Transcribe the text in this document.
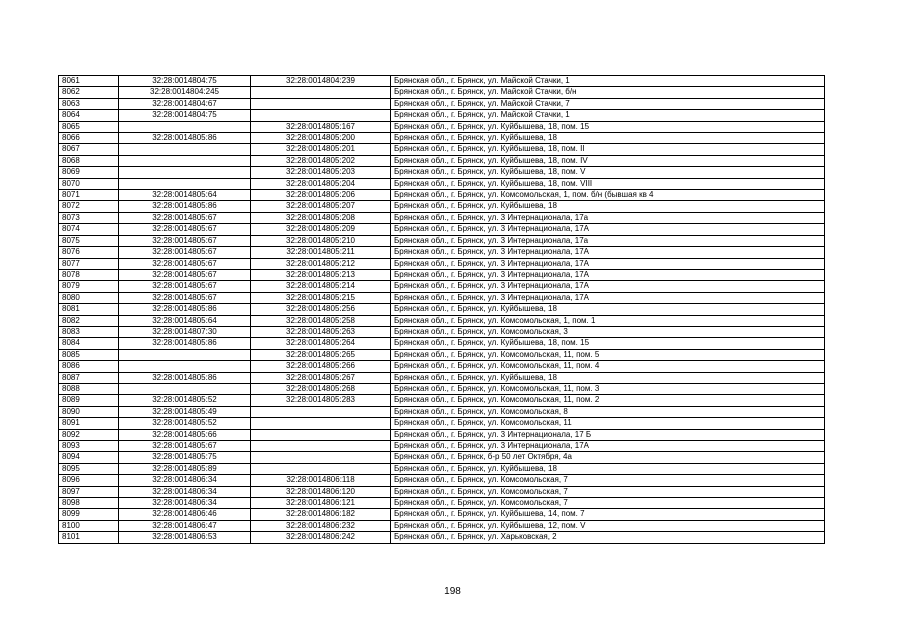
8061	32:28:0014804:75	32:28:0014804:239	Брянская обл., г. Брянск, ул. Майской Стачки, 1
8062	32:28:0014804:245		Брянская обл., г. Брянск, ул. Майской Стачки, б/н
8063	32:28:0014804:67		Брянская обл., г. Брянск, ул. Майской Стачки, 7
8064	32:28:0014804:75		Брянская обл., г. Брянск, ул. Майской Стачки, 1
8065		32:28:0014805:167	Брянская обл., г. Брянск, ул. Куйбышева, 18, пом. 15
8066	32:28:0014805:86	32:28:0014805:200	Брянская обл., г. Брянск, ул. Куйбышева, 18
8067		32:28:0014805:201	Брянская обл., г. Брянск, ул. Куйбышева, 18, пом. II
8068		32:28:0014805:202	Брянская обл., г. Брянск, ул. Куйбышева, 18, пом. IV
8069		32:28:0014805:203	Брянская обл., г. Брянск, ул. Куйбышева, 18, пом. V
8070		32:28:0014805:204	Брянская обл., г. Брянск, ул. Куйбышева, 18, пом. VIII
8071	32:28:0014805:64	32:28:0014805:206	Брянская обл., г. Брянск, ул. Комсомольская, 1, пом. б/н (бывшая кв 4
8072	32:28:0014805:86	32:28:0014805:207	Брянская обл., г. Брянск, ул. Куйбышева, 18
8073	32:28:0014805:67	32:28:0014805:208	Брянская обл., г. Брянск, ул. 3 Интернационала, 17а
8074	32:28:0014805:67	32:28:0014805:209	Брянская обл., г. Брянск, ул. 3 Интернационала, 17А
8075	32:28:0014805:67	32:28:0014805:210	Брянская обл., г. Брянск, ул. 3 Интернационала, 17а
8076	32:28:0014805:67	32:28:0014805:211	Брянская обл., г. Брянск, ул. 3 Интернационала, 17А
8077	32:28:0014805:67	32:28:0014805:212	Брянская обл., г. Брянск, ул. 3 Интернационала, 17А
8078	32:28:0014805:67	32:28:0014805:213	Брянская обл., г. Брянск, ул. 3 Интернационала, 17А
8079	32:28:0014805:67	32:28:0014805:214	Брянская обл., г. Брянск, ул. 3 Интернационала, 17А
8080	32:28:0014805:67	32:28:0014805:215	Брянская обл., г. Брянск, ул. 3 Интернационала, 17А
8081	32:28:0014805:86	32:28:0014805:256	Брянская обл., г. Брянск, ул. Куйбышева, 18
8082	32:28:0014805:64	32:28:0014805:258	Брянская обл., г. Брянск, ул. Комсомольская, 1, пом. 1
8083	32:28:0014807:30	32:28:0014805:263	Брянская обл., г. Брянск, ул. Комсомольская, 3
8084	32:28:0014805:86	32:28:0014805:264	Брянская обл., г. Брянск, ул. Куйбышева, 18, пом. 15
8085		32:28:0014805:265	Брянская обл., г. Брянск, ул. Комсомольская, 11, пом. 5
8086		32:28:0014805:266	Брянская обл., г. Брянск, ул. Комсомольская, 11, пом. 4
8087	32:28:0014805:86	32:28:0014805:267	Брянская обл., г. Брянск, ул. Куйбышева, 18
8088		32:28:0014805:268	Брянская обл., г. Брянск, ул. Комсомольская, 11, пом. 3
8089	32:28:0014805:52	32:28:0014805:283	Брянская обл., г. Брянск, ул. Комсомольская, 11, пом. 2
8090	32:28:0014805:49		Брянская обл., г. Брянск, ул. Комсомольская, 8
8091	32:28:0014805:52		Брянская обл., г. Брянск, ул. Комсомольская, 11
8092	32:28:0014805:66		Брянская обл., г. Брянск, ул. 3 Интернационала, 17 Б
8093	32:28:0014805:67		Брянская обл., г. Брянск, ул. 3 Интернационала, 17А
8094	32:28:0014805:75		Брянская обл., г. Брянск, б-р 50 лет Октября, 4а
8095	32:28:0014805:89		Брянская обл., г. Брянск, ул. Куйбышева, 18
8096	32:28:0014806:34	32:28:0014806:118	Брянская обл., г. Брянск, ул. Комсомольская, 7
8097	32:28:0014806:34	32:28:0014806:120	Брянская обл., г. Брянск, ул. Комсомольская, 7
8098	32:28:0014806:34	32:28:0014806:121	Брянская обл., г. Брянск, ул. Комсомольская, 7
8099	32:28:0014806:46	32:28:0014806:182	Брянская обл., г. Брянск, ул. Куйбышева, 14, пом. 7
8100	32:28:0014806:47	32:28:0014806:232	Брянская обл., г. Брянск, ул. Куйбышева, 12, пом. V
8101	32:28:0014806:53	32:28:0014806:242	Брянская обл., г. Брянск, ул. Харьковская, 2
198
